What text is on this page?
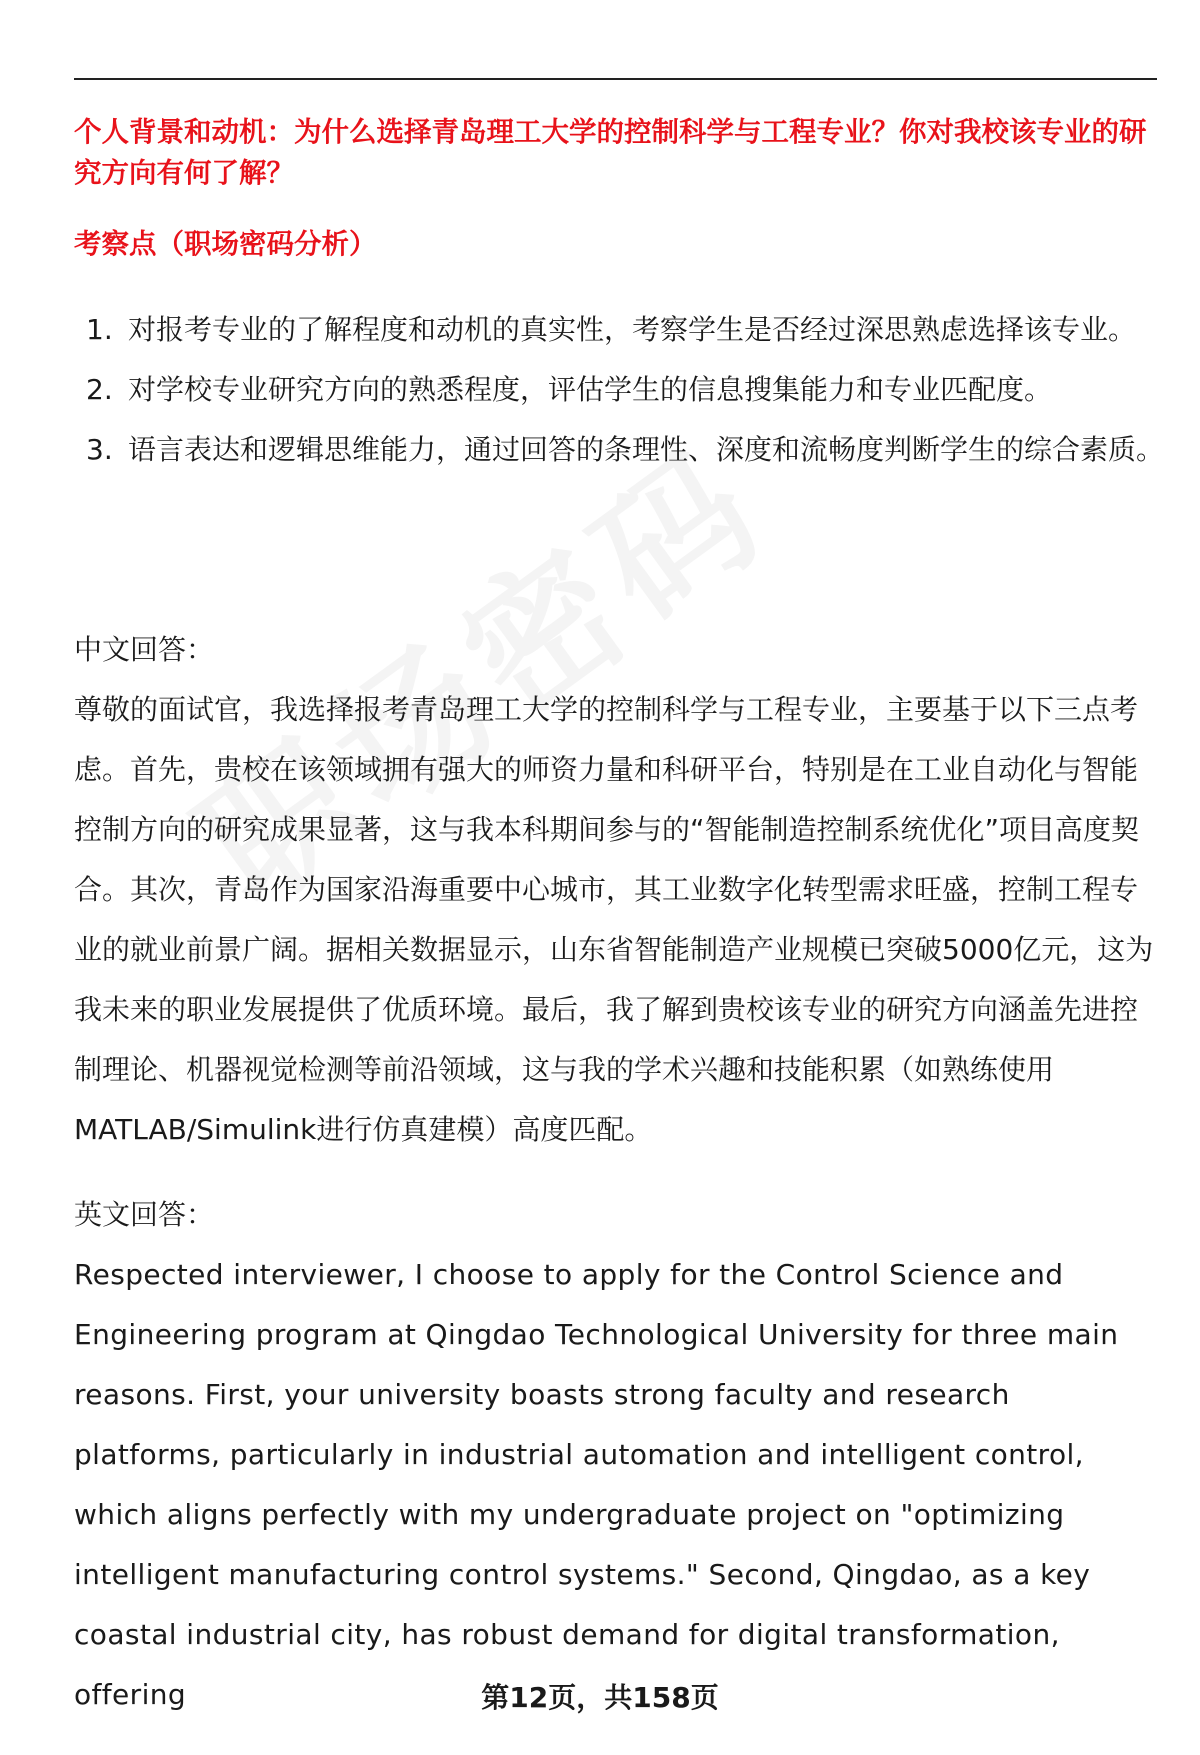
个人背景和动机：为什么选择青岛理工大学的控制科学与工程专业？你对我校该专业的研究方向有何了解？
考察点（职场密码分析）
1. 对报考专业的了解程度和动机的真实性，考察学生是否经过深思熟虑选择该专业。
2. 对学校专业研究方向的熟悉程度，评估学生的信息搜集能力和专业匹配度。
3. 语言表达和逻辑思维能力，通过回答的条理性、深度和流畅度判断学生的综合素质。
中文回答：
尊敬的面试官，我选择报考青岛理工大学的控制科学与工程专业，主要基于以下三点考虑。首先，贵校在该领域拥有强大的师资力量和科研平台，特别是在工业自动化与智能控制方向的研究成果显著，这与我本科期间参与的“智能制造控制系统优化”项目高度契合。其次，青岛作为国家沿海重要中心城市，其工业数字化转型需求旺盛，控制工程专业的就业前景广阔。据相关数据显示，山东省智能制造产业规模已突破5000亿元，这为我未来的职业发展提供了优质环境。最后，我了解到贵校该专业的研究方向涵盖先进控制理论、机器视觉检测等前沿领域，这与我的学术兴趣和技能积累（如熟练使用MATLAB/Simulink进行仿真建模）高度匹配。
英文回答：
Respected interviewer, I choose to apply for the Control Science and Engineering program at Qingdao Technological University for three main reasons. First, your university boasts strong faculty and research platforms, particularly in industrial automation and intelligent control, which aligns perfectly with my undergraduate project on "optimizing intelligent manufacturing control systems." Second, Qingdao, as a key coastal industrial city, has robust demand for digital transformation, offering	第12页，共158页
